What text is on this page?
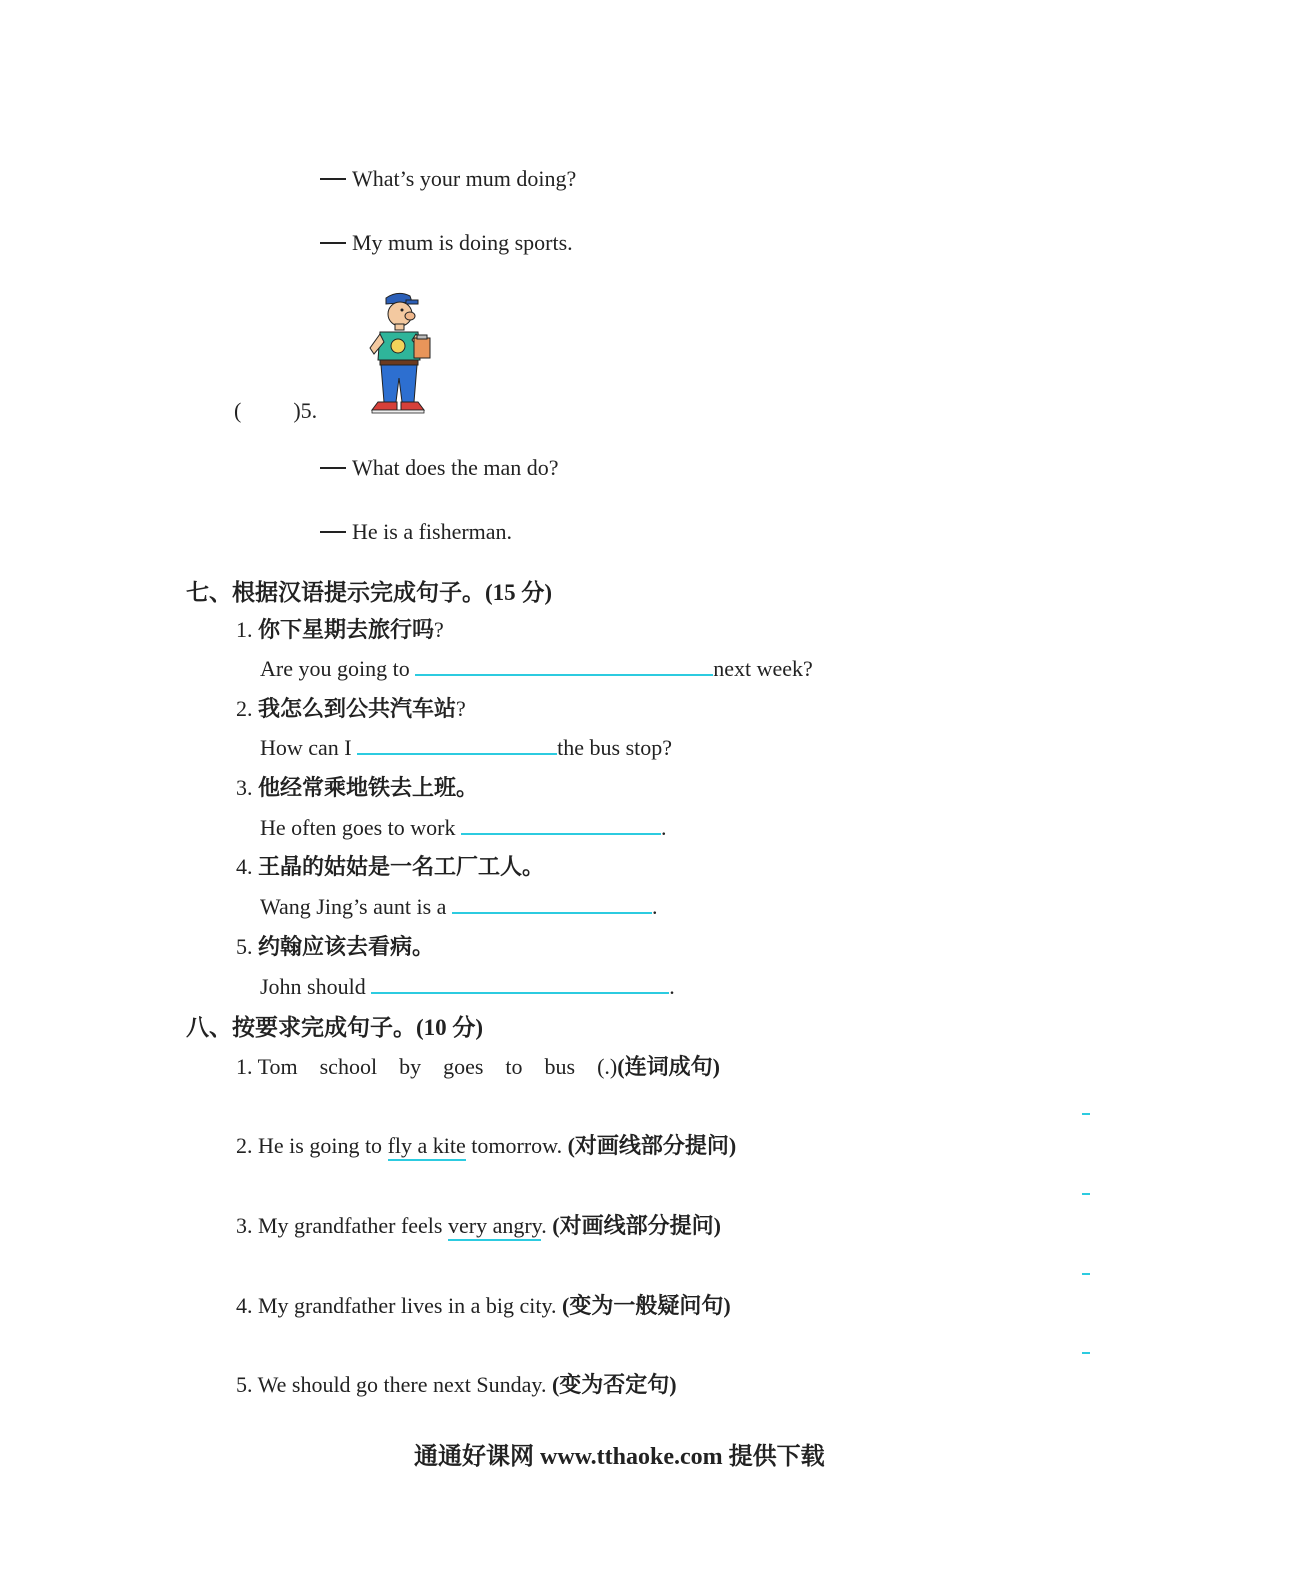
What’s your mum doing?
My mum is doing sports.
( )5.
What does the man do?
He is a fisherman.
七、根据汉语提示完成句子。(15 分)
1. 你下星期去旅行吗?
Are you going to	next week?
2. 我怎么到公共汽车站?
How can I	the bus stop?
3. 他经常乘地铁去上班。
He often goes to work	.
4. 王晶的姑姑是一名工厂工人。
Wang Jing’s aunt is a	.
5. 约翰应该去看病。
John should	.
八、按要求完成句子。(10 分)
1. Tom school by goes to bus (.)(连词成句)
2. He is going to fly a kite tomorrow. (对画线部分提问)
3. My grandfather feels very angry. (对画线部分提问)
4. My grandfather lives in a big city. (变为一般疑问句)
5. We should go there next Sunday. (变为否定句)
通通好课网 www.tthaoke.com 提供下载
